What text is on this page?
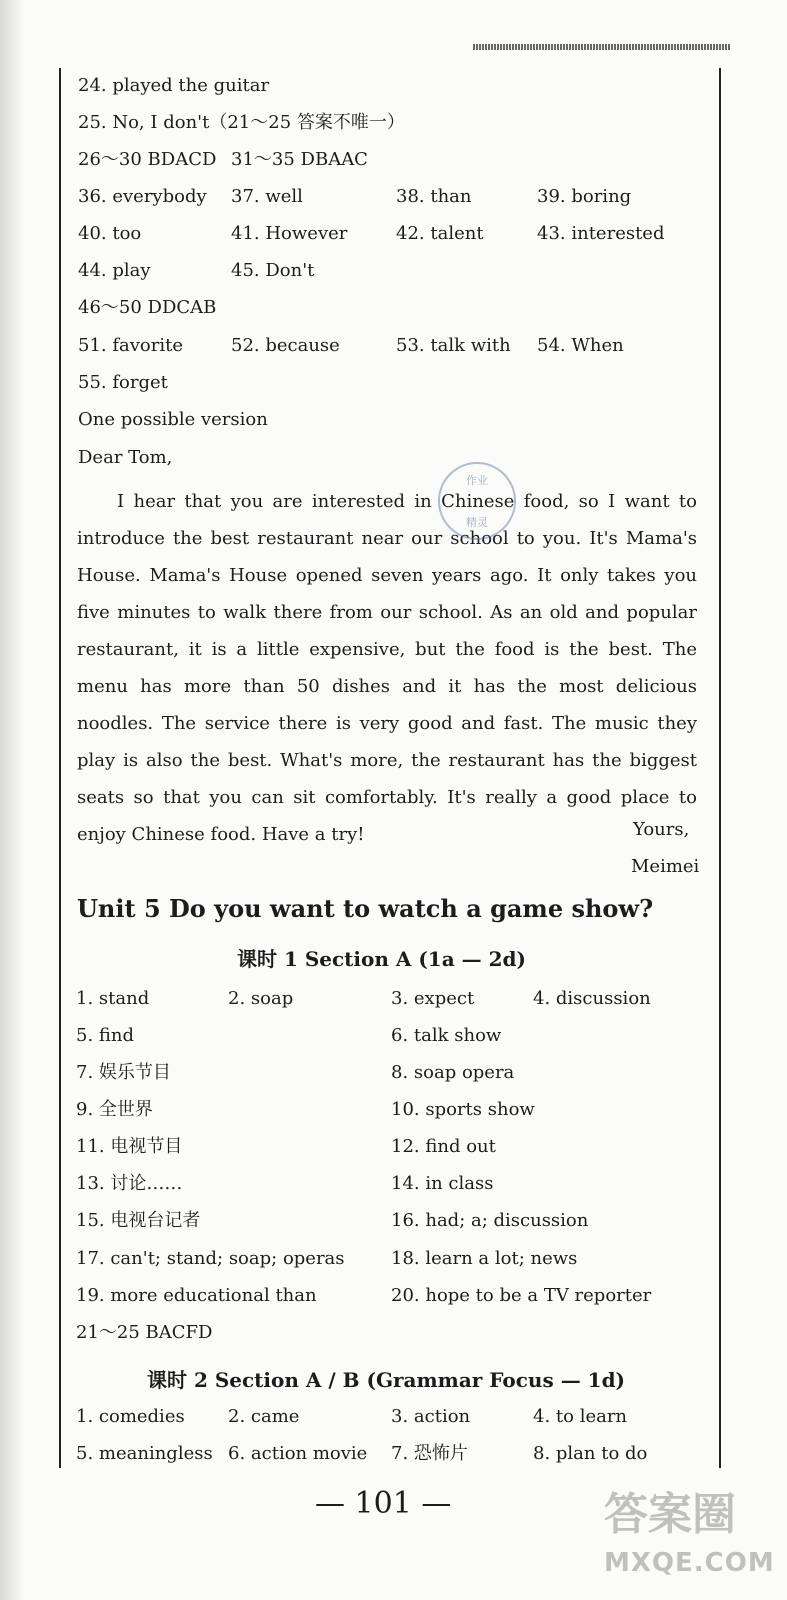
24. played the guitar
25. No, I don't（21～25 答案不唯一）
26～30 BDACD 31～35 DBAAC
36. everybody 37. well	38. than	39. boring
40. too	41. However	42. talent	43. interested
44. play	45. Don't
46～50 DDCAB
51. favorite	52. because	53. talk with 54. When
55. forget
One possible version
Dear Tom,

I hear that you are interested in Chinese food, so I want to introduce the best restaurant near our school to you. It's Mama's House. Mama's House opened seven years ago. It only takes you five minutes to walk there from our school. As an old and popular restaurant, it is a little expensive, but the food is the best. The menu has more than 50 dishes and it has the most delicious noodles. The service there is very good and fast. The music they play is also the best. What's more, the restaurant has the biggest seats so that you can sit comfortably. It's really a good place to enjoy Chinese food. Have a try!

作业
精灵
Yours,
Meimei
Unit 5 Do you want to watch a game show?
课时 1 Section A (1a — 2d)
1. stand	2. soap	3. expect	4. discussion
5. find	6. talk show
7. 娱乐节目	8. soap opera
9. 全世界	10. sports show
11. 电视节目	12. find out
13. 讨论……	14. in class
15. 电视台记者	16. had; a; discussion
17. can't; stand; soap; operas	18. learn a lot; news
19. more educational than	20. hope to be a TV reporter
21～25 BACFD
课时 2 Section A / B (Grammar Focus — 1d)
1. comedies 2. came	3. action	4. to learn
5. meaningless 6. action movie 7. 恐怖片	8. plan to do
— 101 —	答案圈
MXQE.COM
